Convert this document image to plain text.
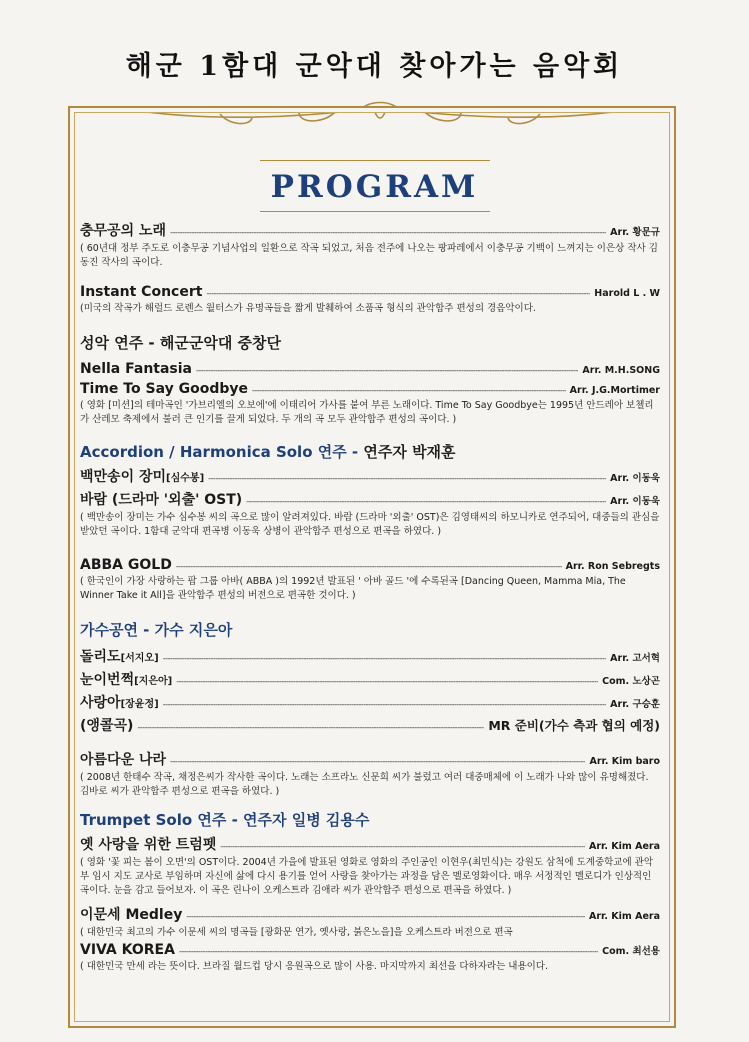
해군 1함대 군악대 찾아가는 음악회
PROGRAM
충무공의 노래 -----	Arr. 황문규

( 60년대 정부 주도로 이충무공 기념사업의 일환으로 작곡 되었고, 처음 전주에 나오는 팡파레에서 이충무공 기백이 느껴지는 이은상 작사 김동진 작사의 곡이다.

Instant Concert -----	Harold L . W

(미국의 작곡가 해럴드 로렌스 월터스가 유명곡들을 짧게 발췌하여 소품곡 형식의 관악합주 편성의 경음악이다.

성악 연주 - 해군군악대 중창단
Nella Fantasia -----	Arr. M.H.SONG
Time To Say Goodbye -----	Arr. J.G.Mortimer

( 영화 [미션]의 테마곡인 '가브리엘의 오보에'에 이태리어 가사를 붙여 부른 노래이다. Time To Say Goodbye는 1995년 안드레아 보첼리가 산레모 축제에서 불러 큰 인기를 끌게 되었다. 두 개의 곡 모두 관악합주 편성의 곡이다. )

Accordion / Harmonica Solo 연주 - 연주자 박재훈
백만송이 장미[심수봉] -----	Arr. 이동욱
바람 (드라마 '외출' OST) -----	Arr. 이동욱

( 백만송이 장미는 가수 심수봉 씨의 곡으로 많이 알려져있다. 바람 (드라마 '외출' OST)은 김영태씨의 하모니카로 연주되어, 대중들의 관심을 받았던 곡이다. 1함대 군악대 편곡병 이동욱 상병이 관악합주 편성으로 편곡을 하였다. )

ABBA GOLD -----	Arr. Ron Sebregts

( 한국인이 가장 사랑하는 팝 그룹 아바( ABBA )의 1992년 발표된 ' 아바 골드 '에 수록된곡 [Dancing Queen, Mamma Mia, The Winner Take it All]을 관악합주 편성의 버전으로 편곡한 것이다. )

가수공연 - 가수 지은아
돌리도[서지오] -----	Arr. 고서혁
눈이번쩍[지은아] -----	Com. 노상곤
사랑아[장윤정] -----	Arr. 구승훈
(앵콜곡) -----	MR 준비(가수 측과 협의 예정)
아름다운 나라 -----	Arr. Kim baro

( 2008년 한태수 작곡, 채정은씨가 작사한 곡이다. 노래는 소프라노 신문희 씨가 불렀고 여러 대중매체에 이 노래가 나와 많이 유명해졌다. 김바로 씨가 관악합주 편성으로 편곡을 하였다. )

Trumpet Solo 연주 - 연주자 일병 김용수
옛 사랑을 위한 트럼펫 -----	Arr. Kim Aera

( 영화 '꽃 피는 봄이 오면'의 OST이다. 2004년 가을에 발표된 영화로 영화의 주인공인 이현우(최민식)는 강원도 삼척에 도계중학교에 관악부 임시 지도 교사로 부임하며 자신에 삶에 다시 용기를 얻어 사랑을 찾아가는 과정을 담은 멜로영화이다. 매우 서정적인 멜로디가 인상적인 곡이다. 눈을 감고 들어보자. 이 곡은 린나이 오케스트라 김애라 씨가 관악합주 편성으로 편곡을 하였다. )

이문세 Medley -----	Arr. Kim Aera

( 대한민국 최고의 가수 이문세 씨의 명곡들 [광화문 연가, 옛사랑, 붉은노을]을 오케스트라 버전으로 편곡

VIVA KOREA -----	Com. 최선용

( 대한민국 만세 라는 뜻이다. 브라질 월드컵 당시 응원곡으로 많이 사용. 마지막까지 최선을 다하자라는 내용이다.
